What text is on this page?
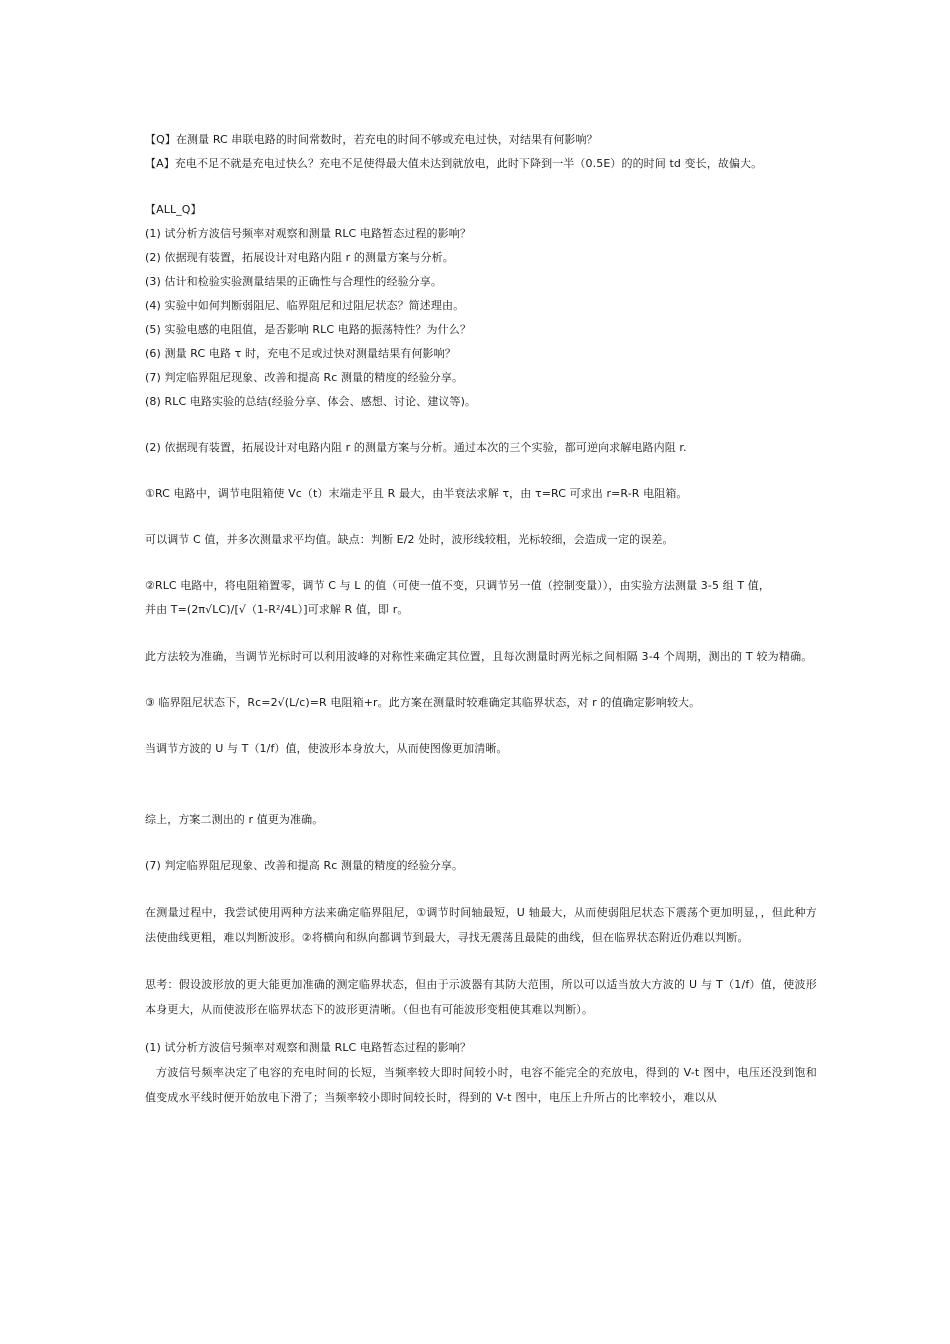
【Q】在测量 RC 串联电路的时间常数时，若充电的时间不够或充电过快，对结果有何影响？
【A】充电不足不就是充电过快么？充电不足使得最大值未达到就放电，此时下降到一半（0.5E）的的时间 td 变长，故偏大。
【ALL_Q】
(1) 试分析方波信号频率对观察和测量 RLC 电路暂态过程的影响？
(2) 依据现有装置，拓展设计对电路内阻 r 的测量方案与分析。
(3) 估计和检验实验测量结果的正确性与合理性的经验分享。
(4) 实验中如何判断弱阻尼、临界阻尼和过阻尼状态？简述理由。
(5) 实验电感的电阻值，是否影响 RLC 电路的振荡特性？为什么？
(6) 测量 RC 电路 τ 时，充电不足或过快对测量结果有何影响？
(7) 判定临界阻尼现象、改善和提高 Rc 测量的精度的经验分享。
(8) RLC 电路实验的总结(经验分享、体会、感想、讨论、建议等)。
(2) 依据现有装置，拓展设计对电路内阻 r 的测量方案与分析。通过本次的三个实验，都可逆向求解电路内阻 r.
①RC 电路中，调节电阻箱使 Vc（t）末端走平且 R 最大，由半衰法求解 τ，由 τ=RC 可求出 r=R-R 电阻箱。
可以调节 C 值，并多次测量求平均值。缺点：判断 E/2 处时，波形线较粗，光标较细，会造成一定的误差。
②RLC 电路中，将电阻箱置零，调节 C 与 L 的值（可使一值不变，只调节另一值（控制变量）），由实验方法测量 3-5 组 T 值，
并由 T=(2π√LC)/[√（1-R²/4L）]可求解 R 值，即 r。
此方法较为准确，当调节光标时可以利用波峰的对称性来确定其位置，且每次测量时两光标之间相隔 3-4 个周期，测出的 T 较为精确。
③ 临界阻尼状态下，Rc=2√(L/c)=R 电阻箱+r。此方案在测量时较难确定其临界状态，对 r 的值确定影响较大。
当调节方波的 U 与 T（1/f）值，使波形本身放大，从而使图像更加清晰。
综上，方案二测出的 r 值更为准确。
(7) 判定临界阻尼现象、改善和提高 Rc 测量的精度的经验分享。
在测量过程中，我尝试使用两种方法来确定临界阻尼，①调节时间轴最短，U 轴最大，从而使弱阻尼状态下震荡个更加明显，，但此种方法使曲线更粗，难以判断波形。②将横向和纵向都调节到最大，寻找无震荡且最陡的曲线，但在临界状态附近仍难以判断。
思考：假设波形放的更大能更加准确的测定临界状态，但由于示波器有其防大范围，所以可以适当放大方波的 U 与 T（1/f）值，使波形本身更大，从而使波形在临界状态下的波形更清晰。（但也有可能波形变粗使其难以判断）。
(1) 试分析方波信号频率对观察和测量 RLC 电路暂态过程的影响？
方波信号频率决定了电容的充电时间的长短，当频率较大即时间较小时，电容不能完全的充放电，得到的 V-t 图中，电压还没到饱和值变成水平线时便开始放电下滑了；当频率较小即时间较长时，得到的 V-t 图中，电压上升所占的比率较小，难以从
